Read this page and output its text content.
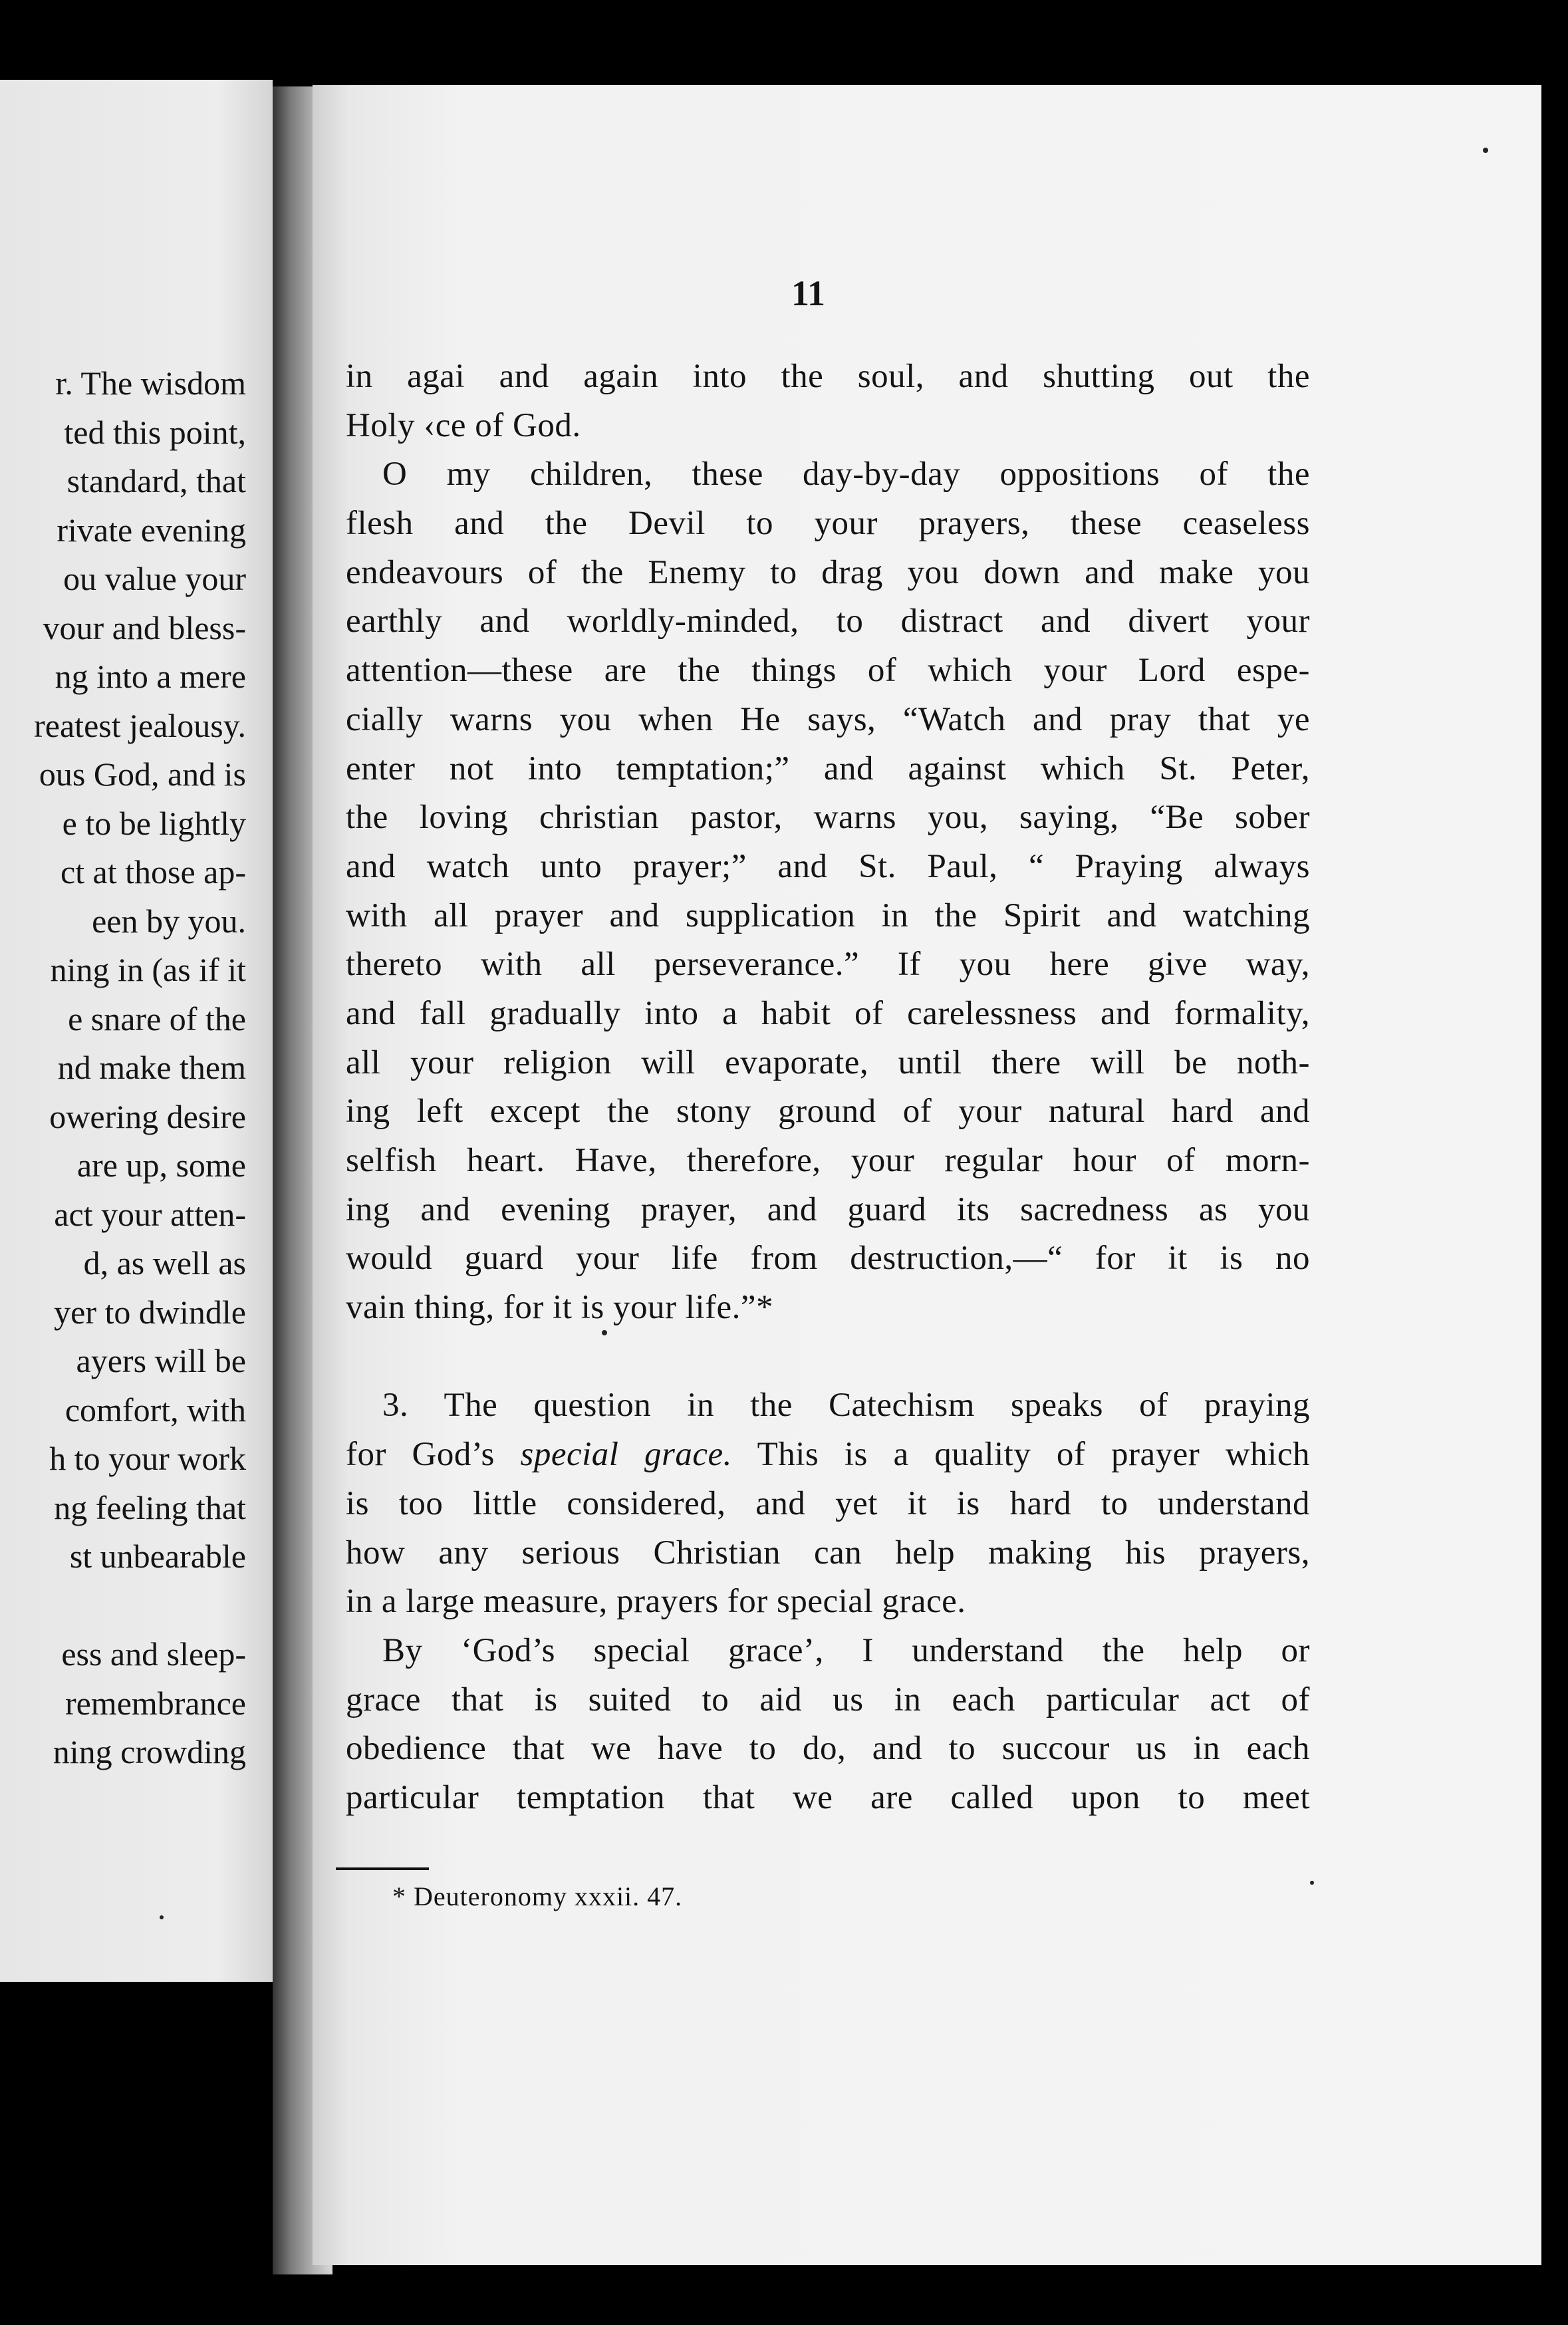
r. The wisdom
ted this point,
standard, that
rivate evening
ou value your
vour and bless-
ng into a mere
reatest jealousy.
ous God, and is
e to be lightly
ct at those ap-
een by you.
ning in (as if it
e snare of the
nd make them
owering desire
are up, some
act your atten-
d, as well as
yer to dwindle
ayers will be
comfort, with
h to your work
ng feeling that
st unbearable
ess and sleep-
remembrance
ning crowding
11
in agai and again into the soul, and shutting out the
Holy ‹ce of God.
O my children, these day-by-day oppositions of the
flesh and the Devil to your prayers, these ceaseless
endeavours of the Enemy to drag you down and make you
earthly and worldly-minded, to distract and divert your
attention—these are the things of which your Lord espe-
cially warns you when He says, “Watch and pray that ye
enter not into temptation;” and against which St. Peter,
the loving christian pastor, warns you, saying, “Be sober
and watch unto prayer;” and St. Paul, “ Praying always
with all prayer and supplication in the Spirit and watching
thereto with all perseverance.” If you here give way,
and fall gradually into a habit of carelessness and formality,
all your religion will evaporate, until there will be noth-
ing left except the stony ground of your natural hard and
selfish heart. Have, therefore, your regular hour of morn-
ing and evening prayer, and guard its sacredness as you
would guard your life from destruction,—“ for it is no
vain thing, for it is your life.”*
3. The question in the Catechism speaks of praying
for God’s special grace. This is a quality of prayer which
is too little considered, and yet it is hard to understand
how any serious Christian can help making his prayers,
in a large measure, prayers for special grace.
By ‘God’s special grace’, I understand the help or
grace that is suited to aid us in each particular act of
obedience that we have to do, and to succour us in each
particular temptation that we are called upon to meet
* Deuteronomy xxxii. 47.
